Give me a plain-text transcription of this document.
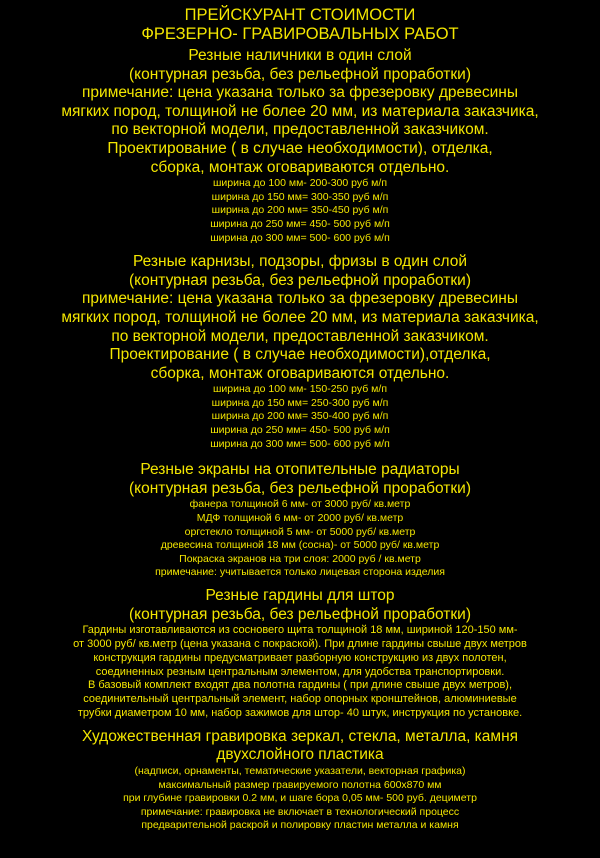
ПРЕЙСКУРАНТ СТОИМОСТИ
ФРЕЗЕРНО- ГРАВИРОВАЛЬНЫХ РАБОТ
Резные наличники в один слой
(контурная резьба, без рельефной проработки)
примечание: цена указана только за фрезеровку древесины
мягких пород, толщиной не более 20 мм, из материала заказчика,
по векторной модели, предоставленной заказчиком.
Проектирование ( в случае необходимости), отделка,
сборка, монтаж оговариваются отдельно.
ширина до 100 мм- 200-300 руб м/п
ширина до 150 мм= 300-350 руб м/п
ширина до 200 мм= 350-450 руб м/п
ширина до 250 мм= 450- 500 руб м/п
ширина до 300 мм= 500- 600 руб м/п
Резные карнизы, подзоры, фризы в один слой
(контурная резьба, без рельефной проработки)
примечание: цена указана только за фрезеровку древесины
мягких пород, толщиной не более 20 мм, из материала заказчика,
по векторной модели, предоставленной заказчиком.
Проектирование ( в случае необходимости),отделка,
сборка, монтаж оговариваются отдельно.
ширина до 100 мм- 150-250 руб м/п
ширина до 150 мм= 250-300 руб м/п
ширина до 200 мм= 350-400 руб м/п
ширина до 250 мм= 450- 500 руб м/п
ширина до 300 мм= 500- 600 руб м/п
Резные экраны на отопительные радиаторы
(контурная резьба, без рельефной проработки)
фанера толщиной 6 мм- от 3000 руб/ кв.метр
МДФ толщиной 6 мм- от 2000 руб/ кв.метр
оргстекло толщиной 5 мм- от 5000 руб/ кв.метр
древесина толщиной 18 мм (сосна)- от 5000 руб/ кв.метр
Покраска экранов на три слоя: 2000 руб / кв.метр
примечание: учитывается только лицевая сторона изделия
Резные гардины для штор
(контурная резьба, без рельефной проработки)
Гардины изготавливаются из сосновего щита толщиной 18 мм, шириной 120-150 мм-
от 3000 руб/ кв.метр (цена указана с покраской). При длине гардины свыше двух метров
конструкция гардины предусматривает разборную конструкцию из двух полотен,
соединенных резным центральным элементом, для удобства транспортировки.
В базовый комплект входят два полотна гардины ( при длине свыше двух метров),
соединительный центральный элемент, набор опорных кронштейнов, алюминиевые
трубки диаметром 10 мм, набор зажимов для штор- 40 штук, инструкция по установке.
Художественная гравировка зеркал, стекла, металла, камня
двухслойного пластика
(надписи, орнаменты, тематические указатели, векторная графика)
максимальный размер гравируемого полотна 600х870 мм
при глубине гравировки 0.2 мм, и шаге бора 0,05 мм- 500 руб. дециметр
примечание: гравировка не включает в технологический процесс
предварительной раскрой и полировку пластин металла и камня
